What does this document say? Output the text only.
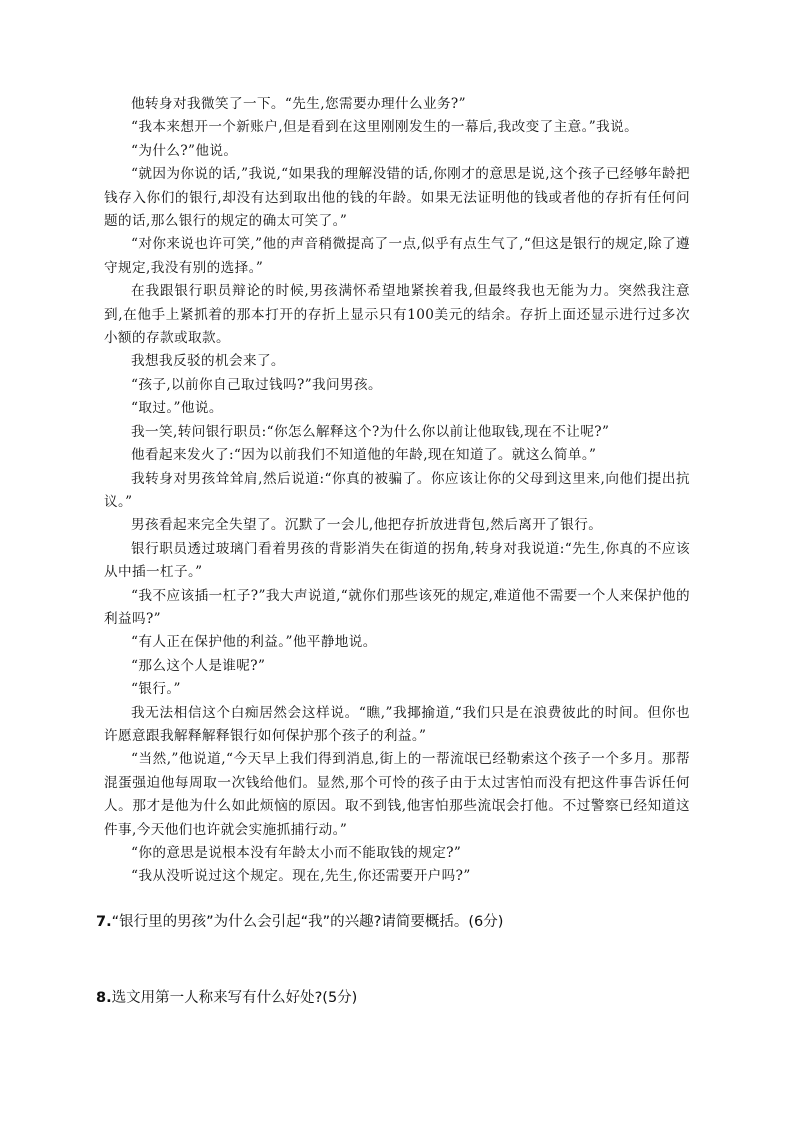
他转身对我微笑了一下。“先生,您需要办理什么业务?”

“我本来想开一个新账户,但是看到在这里刚刚发生的一幕后,我改变了主意。”我说。

“为什么?”他说。

“就因为你说的话,”我说,“如果我的理解没错的话,你刚才的意思是说,这个孩子已经够年龄把钱存入你们的银行,却没有达到取出他的钱的年龄。如果无法证明他的钱或者他的存折有任何问题的话,那么银行的规定的确太可笑了。”

“对你来说也许可笑,”他的声音稍微提高了一点,似乎有点生气了,“但这是银行的规定,除了遵守规定,我没有别的选择。”

在我跟银行职员辩论的时候,男孩满怀希望地紧挨着我,但最终我也无能为力。突然我注意到,在他手上紧抓着的那本打开的存折上显示只有100美元的结余。存折上面还显示进行过多次小额的存款或取款。

我想我反驳的机会来了。

“孩子,以前你自己取过钱吗?”我问男孩。

“取过。”他说。

我一笑,转问银行职员:“你怎么解释这个?为什么你以前让他取钱,现在不让呢?”

他看起来发火了:“因为以前我们不知道他的年龄,现在知道了。就这么简单。”

我转身对男孩耸耸肩,然后说道:“你真的被骗了。你应该让你的父母到这里来,向他们提出抗议。”

男孩看起来完全失望了。沉默了一会儿,他把存折放进背包,然后离开了银行。

银行职员透过玻璃门看着男孩的背影消失在街道的拐角,转身对我说道:“先生,你真的不应该从中插一杠子。”

“我不应该插一杠子?”我大声说道,“就你们那些该死的规定,难道他不需要一个人来保护他的利益吗?”

“有人正在保护他的利益。”他平静地说。

“那么这个人是谁呢?”

“银行。”

我无法相信这个白痴居然会这样说。“瞧,”我揶揄道,“我们只是在浪费彼此的时间。但你也许愿意跟我解释解释银行如何保护那个孩子的利益。”

“当然,”他说道,“今天早上我们得到消息,街上的一帮流氓已经勒索这个孩子一个多月。那帮混蛋强迫他每周取一次钱给他们。显然,那个可怜的孩子由于太过害怕而没有把这件事告诉任何人。那才是他为什么如此烦恼的原因。取不到钱,他害怕那些流氓会打他。不过警察已经知道这件事,今天他们也许就会实施抓捕行动。”

“你的意思是说根本没有年龄太小而不能取钱的规定?”

“我从没听说过这个规定。现在,先生,你还需要开户吗?”

7.“银行里的男孩”为什么会引起“我”的兴趣?请简要概括。(6分)

8.选文用第一人称来写有什么好处?(5分)
